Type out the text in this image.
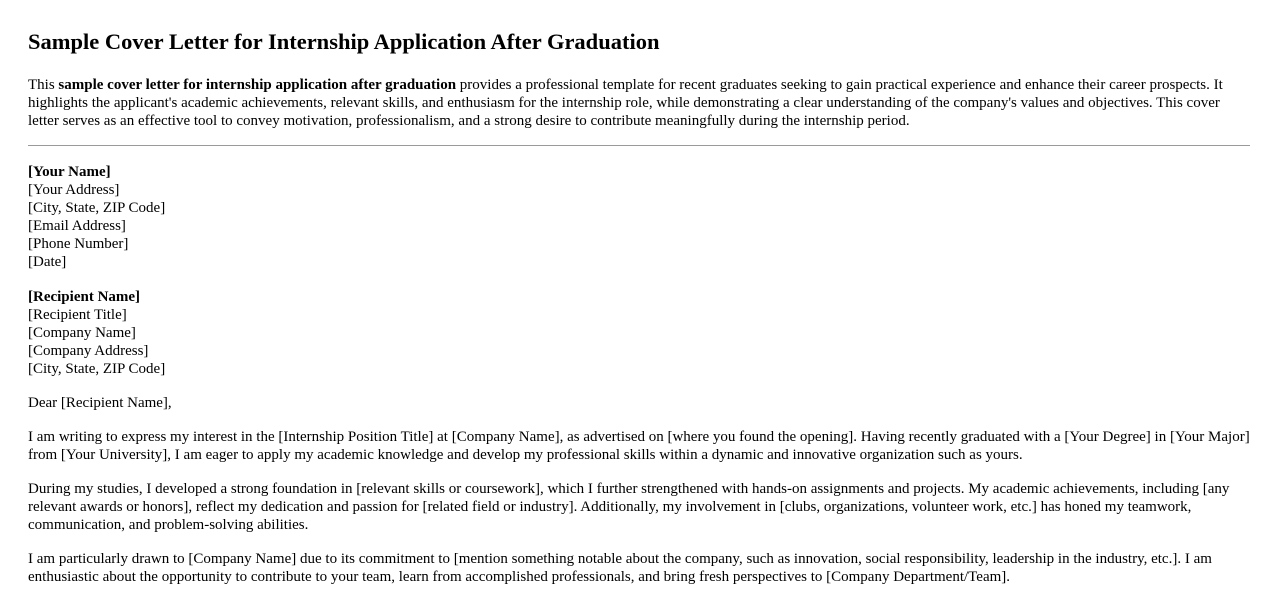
Sample Cover Letter for Internship Application After Graduation

This sample cover letter for internship application after graduation provides a professional template for recent graduates seeking to gain practical experience and enhance their career prospects. It highlights the applicant's academic achievements, relevant skills, and enthusiasm for the internship role, while demonstrating a clear understanding of the company's values and objectives. This cover letter serves as an effective tool to convey motivation, professionalism, and a strong desire to contribute meaningfully during the internship period.

[Your Name]
[Your Address]
[City, State, ZIP Code]
[Email Address]
[Phone Number]
[Date]
[Recipient Name]
[Recipient Title]
[Company Name]
[Company Address]
[City, State, ZIP Code]

Dear [Recipient Name],

I am writing to express my interest in the [Internship Position Title] at [Company Name], as advertised on [where you found the opening]. Having recently graduated with a [Your Degree] in [Your Major] from [Your University], I am eager to apply my academic knowledge and develop my professional skills within a dynamic and innovative organization such as yours.

During my studies, I developed a strong foundation in [relevant skills or coursework], which I further strengthened with hands-on assignments and projects. My academic achievements, including [any relevant awards or honors], reflect my dedication and passion for [related field or industry]. Additionally, my involvement in [clubs, organizations, volunteer work, etc.] has honed my teamwork, communication, and problem-solving abilities.

I am particularly drawn to [Company Name] due to its commitment to [mention something notable about the company, such as innovation, social responsibility, leadership in the industry, etc.]. I am enthusiastic about the opportunity to contribute to your team, learn from accomplished professionals, and bring fresh perspectives to [Company Department/Team].
